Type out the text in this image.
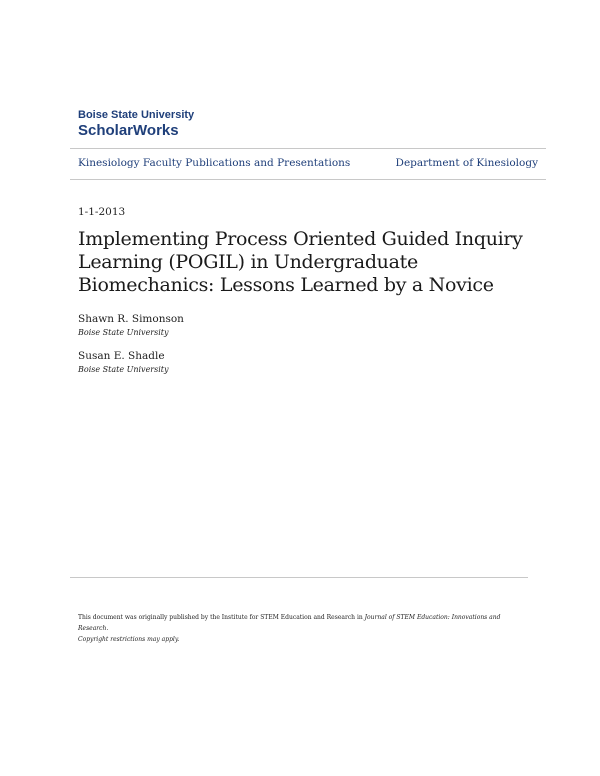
Boise State University
ScholarWorks
Kinesiology Faculty Publications and Presentations	Department of Kinesiology
1-1-2013
Implementing Process Oriented Guided Inquiry Learning (POGIL) in Undergraduate Biomechanics: Lessons Learned by a Novice
Shawn R. Simonson
Boise State University
Susan E. Shadle
Boise State University
This document was originally published by the Institute for STEM Education and Research in Journal of STEM Education: Innovations and Research.
Copyright restrictions may apply.
